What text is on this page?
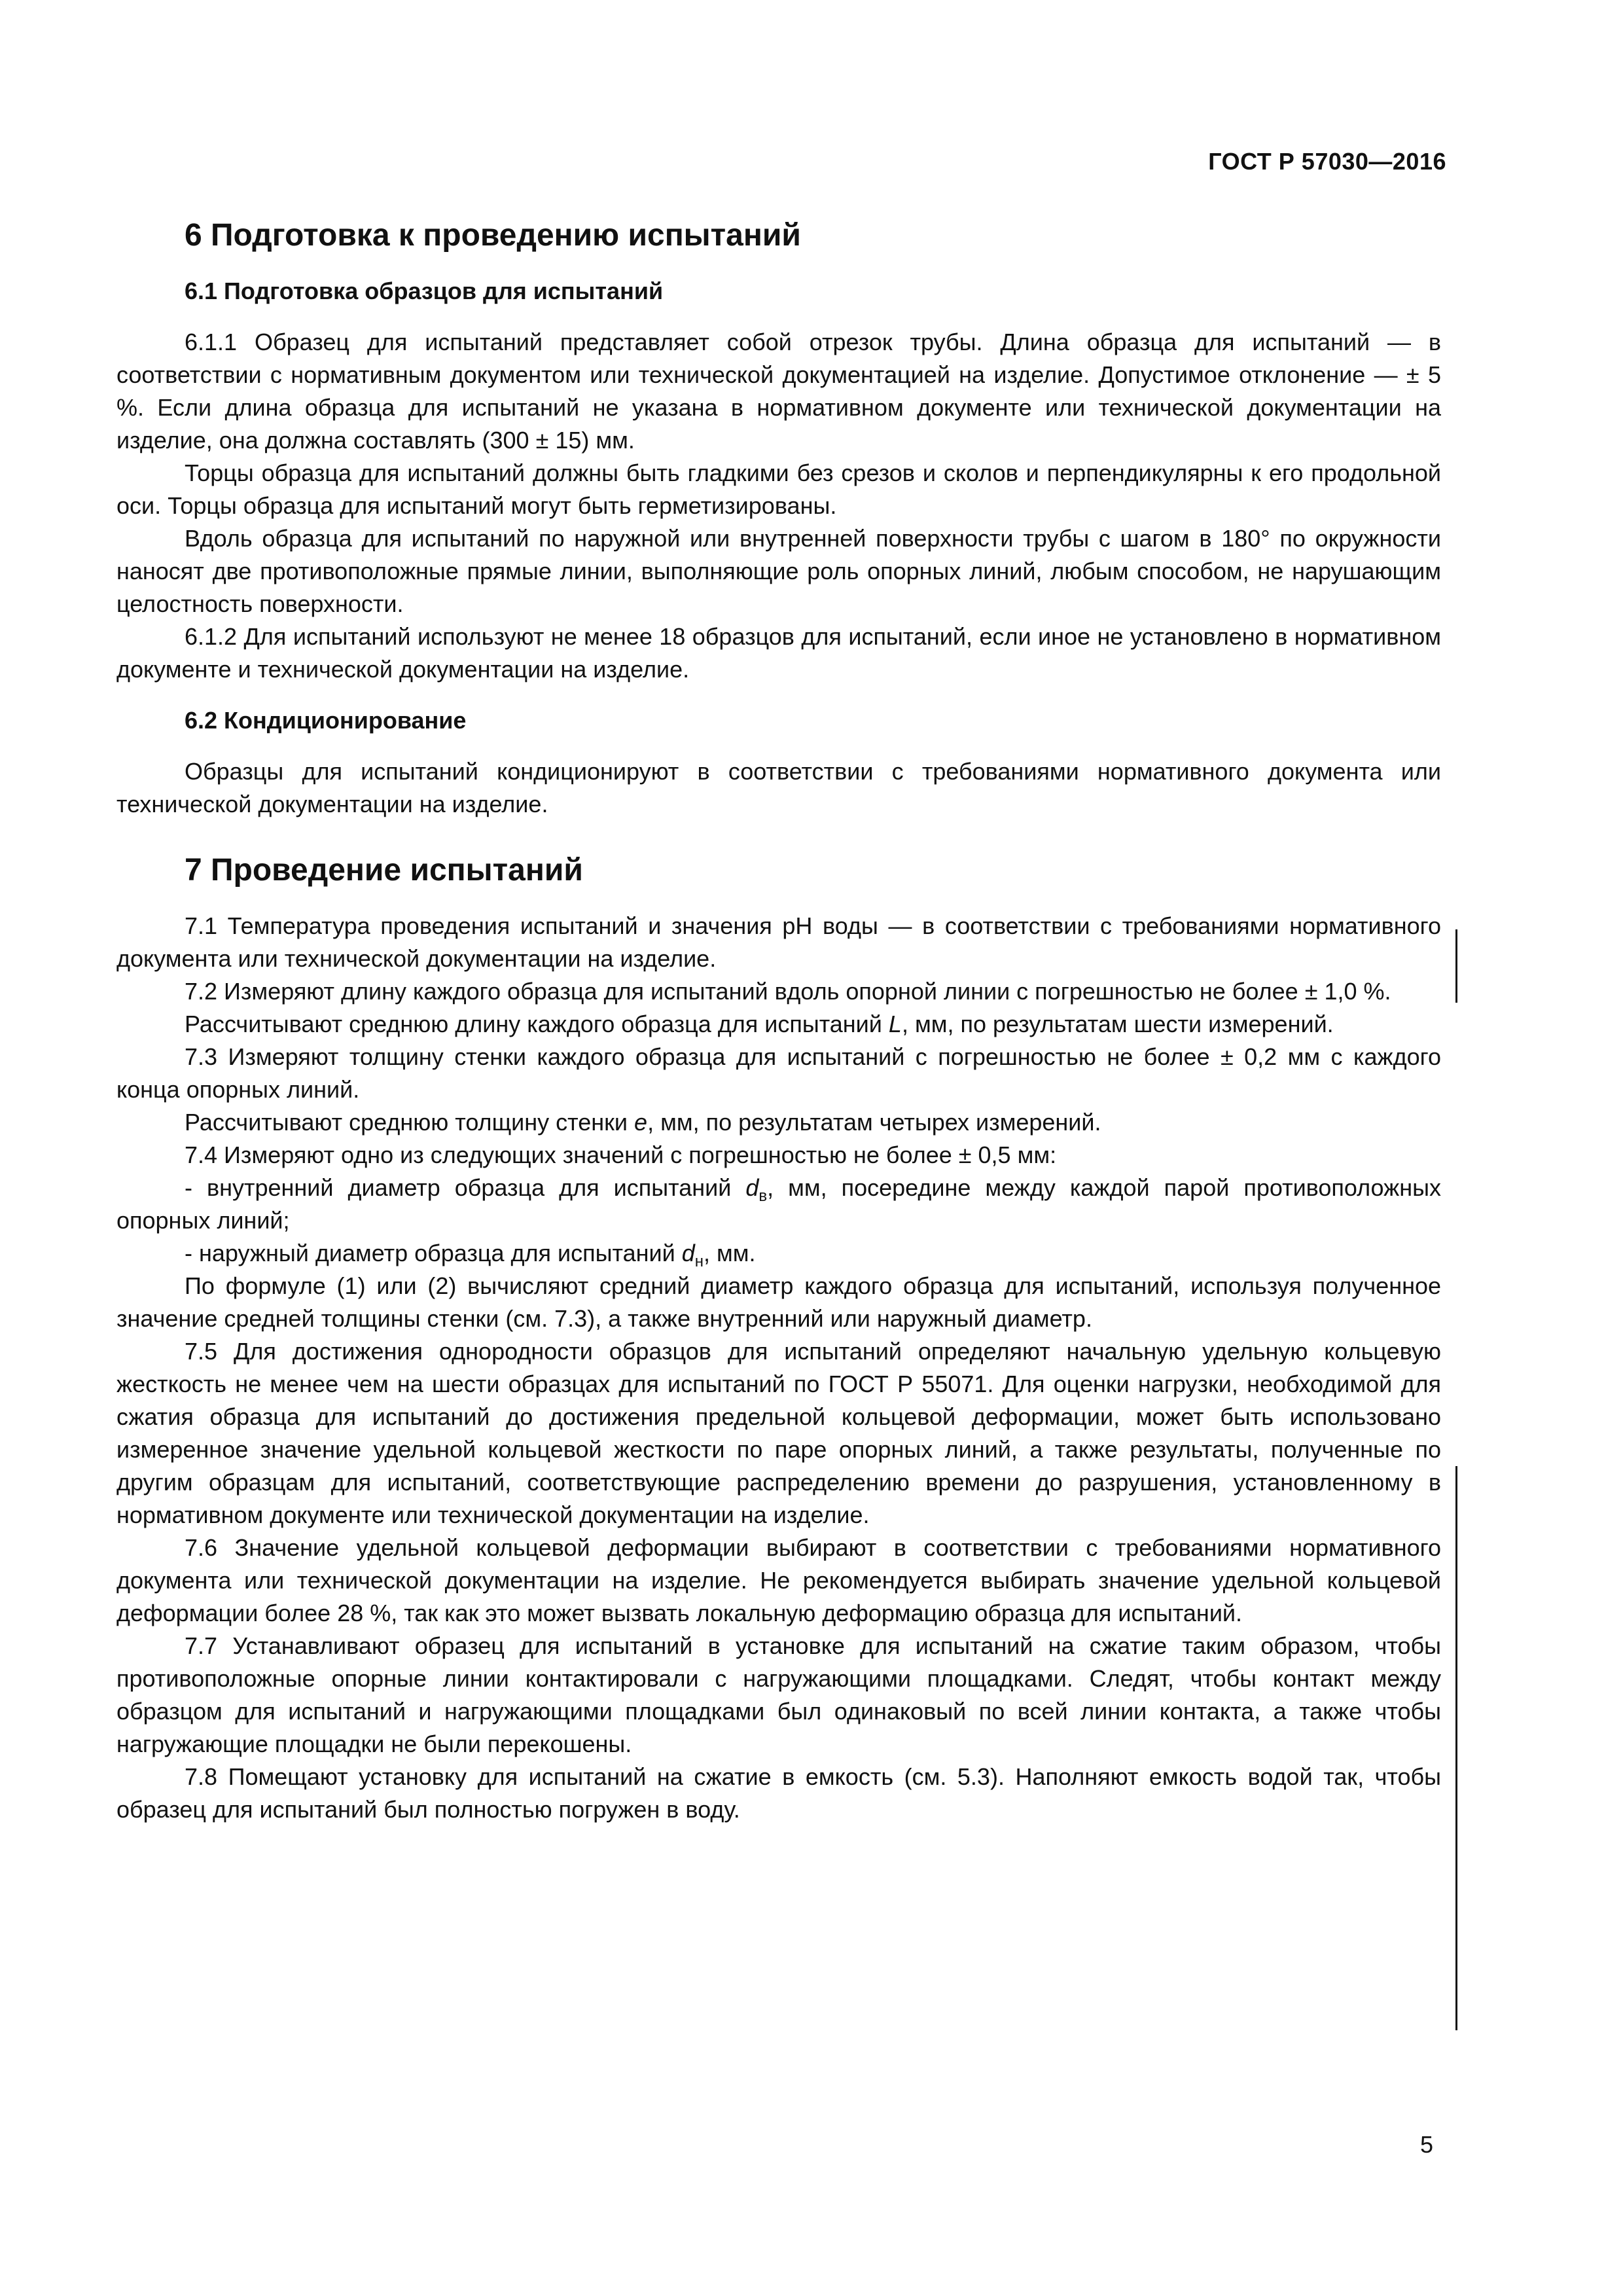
ГОСТ Р 57030—2016
6 Подготовка к проведению испытаний
6.1 Подготовка образцов для испытаний

6.1.1 Образец для испытаний представляет собой отрезок трубы. Длина образца для испытаний — в соответствии с нормативным документом или технической документацией на изделие. Допустимое отклонение — ± 5 %. Если длина образца для испытаний не указана в нормативном документе или технической документации на изделие, она должна составлять (300 ± 15) мм.

Торцы образца для испытаний должны быть гладкими без срезов и сколов и перпендикулярны к его продольной оси. Торцы образца для испытаний могут быть герметизированы.

Вдоль образца для испытаний по наружной или внутренней поверхности трубы с шагом в 180° по окружности наносят две противоположные прямые линии, выполняющие роль опорных линий, любым способом, не нарушающим целостность поверхности.

6.1.2 Для испытаний используют не менее 18 образцов для испытаний, если иное не установлено в нормативном документе и технической документации на изделие.

6.2 Кондиционирование

Образцы для испытаний кондиционируют в соответствии с требованиями нормативного документа или технической документации на изделие.

7 Проведение испытаний

7.1 Температура проведения испытаний и значения pH воды — в соответствии с требованиями нормативного документа или технической документации на изделие.

7.2 Измеряют длину каждого образца для испытаний вдоль опорной линии с погрешностью не более ± 1,0 %.

Рассчитывают среднюю длину каждого образца для испытаний L, мм, по результатам шести измерений.

7.3 Измеряют толщину стенки каждого образца для испытаний с погрешностью не более ± 0,2 мм с каждого конца опорных линий.

Рассчитывают среднюю толщину стенки e, мм, по результатам четырех измерений.

7.4 Измеряют одно из следующих значений с погрешностью не более ± 0,5 мм:

- внутренний диаметр образца для испытаний $d_в$, мм, посередине между каждой парой противоположных опорных линий;

- наружный диаметр образца для испытаний $d_н$, мм.

По формуле (1) или (2) вычисляют средний диаметр каждого образца для испытаний, используя полученное значение средней толщины стенки (см. 7.3), а также внутренний или наружный диаметр.

7.5 Для достижения однородности образцов для испытаний определяют начальную удельную кольцевую жесткость не менее чем на шести образцах для испытаний по ГОСТ Р 55071. Для оценки нагрузки, необходимой для сжатия образца для испытаний до достижения предельной кольцевой деформации, может быть использовано измеренное значение удельной кольцевой жесткости по паре опорных линий, а также результаты, полученные по другим образцам для испытаний, соответствующие распределению времени до разрушения, установленному в нормативном документе или технической документации на изделие.

7.6 Значение удельной кольцевой деформации выбирают в соответствии с требованиями нормативного документа или технической документации на изделие. Не рекомендуется выбирать значение удельной кольцевой деформации более 28 %, так как это может вызвать локальную деформацию образца для испытаний.

7.7 Устанавливают образец для испытаний в установке для испытаний на сжатие таким образом, чтобы противоположные опорные линии контактировали с нагружающими площадками. Следят, чтобы контакт между образцом для испытаний и нагружающими площадками был одинаковый по всей линии контакта, а также чтобы нагружающие площадки не были перекошены.

7.8 Помещают установку для испытаний на сжатие в емкость (см. 5.3). Наполняют емкость водой так, чтобы образец для испытаний был полностью погружен в воду.

5
